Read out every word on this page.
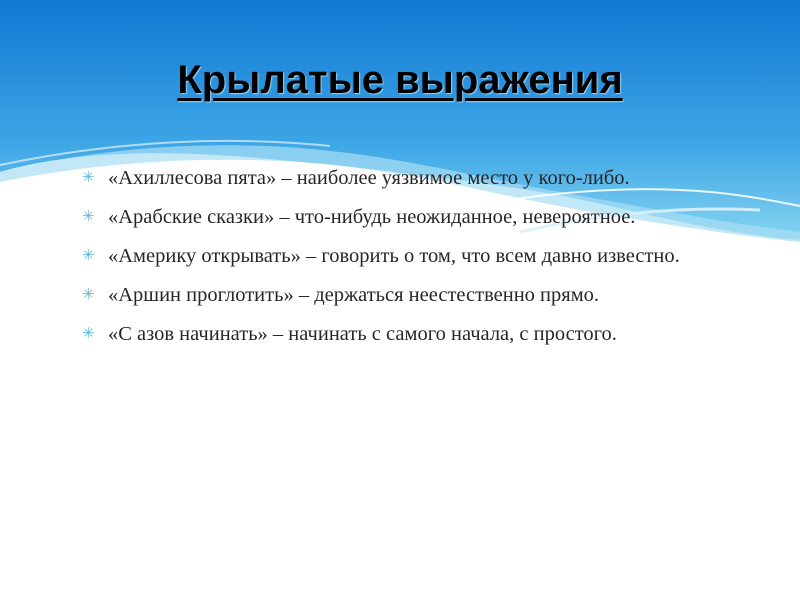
Крылатые выражения
✳ «Ахиллесова пята» – наиболее уязвимое место у кого-либо.
✳ «Арабские сказки» – что-нибудь неожиданное, невероятное.
✳ «Америку открывать» – говорить о том, что всем давно известно.
✳ «Аршин проглотить» – держаться неестественно прямо.
✳ «С азов начинать» – начинать с самого начала, с простого.
